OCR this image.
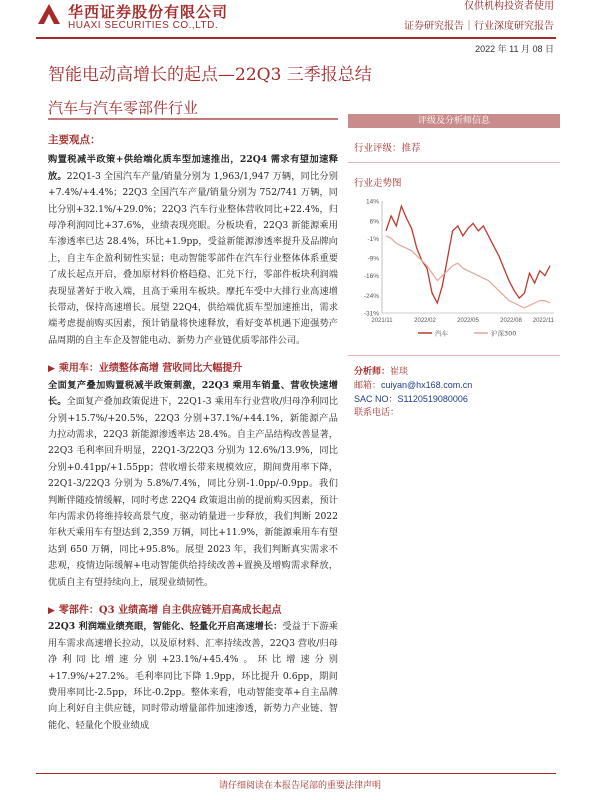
仅供机构投资者使用
华西证券股份有限公司
HUAXI SECURITIES CO.,LTD.	证券研究报告｜行业深度研究报告
2022 年 11 月 08 日
智能电动高增长的起点—22Q3 三季报总结
汽车与汽车零部件行业
主要观点：
购置税减半政策+供给端化质车型加速推出，22Q4 需求有望加速释放。22Q1-3 全国汽车产量/销量分别为 1,963/1,947 万辆，同比分别+7.4%/+4.4%；22Q3 全国汽车产量/销量分别为 752/741 万辆，同比分别+32.1%/+29.0%；22Q3 汽车行业整体营收同比+22.4%，归母净利润同比+37.6%，业绩表现亮眼。分板块看，22Q3 新能源乘用车渗透率已达 28.4%，环比+1.9pp，受益新能源渗透率提升及品牌向上，自主车企盈利韧性实显；电动智能零部件在汽车行业整体体系重要了成长起点开启，叠加原材料价格趋稳、汇兑下行，零部件板块利润端表现显著好于收入端，且高于乘用车板块。摩托车受中大排行业高速增长带动，保持高速增长。展望 22Q4，供给端优质车型加速推出，需求端考虑提前购买因素，预计销量将快速释放，看好变革机遇下迎强势产品周期的自主车企及智能电动、新势力产业链优质零部件公司。
▶ 乘用车：业绩整体高增 营收同比大幅提升
全面复产叠加购置税减半政策刺激，22Q3 乘用车销量、营收快速增长。全面复产叠加政策促进下，22Q1-3 乘用车行业营收/归母净利同比分别+15.7%/+20.5%，22Q3 分别+37.1%/+44.1%，新能源产品力拉动需求，22Q3 新能源渗透率达 28.4%。自主产品结构改善显著，22Q3 毛利率回升明显，22Q1-3/22Q3 分别为 12.6%/13.9%，同比分别+0.41pp/+1.55pp；营收增长带来规模效应，期间费用率下降，22Q1-3/22Q3 分别为 5.8%/7.4%，同比分别-1.0pp/-0.9pp。我们判断伴随疫情缓解，同时考虑 22Q4 政策退出前的提前购买因素，预计年内需求仍将维持较高景气度，驱动销量进一步释放，我们判断 2022 年秋天乘用车有望达到 2,359 万辆，同比+11.9%，新能源乘用车有望达到 650 万辆，同比+95.8%。展望 2023 年，我们判断真实需求不悲观，疫情边际缓解+电动智能供给持续改善+置换及增购需求释放，优质自主有望持续向上，展现业绩韧性。
▶ 零部件：Q3 业绩高增 自主供应链开启高成长起点
22Q3 利润端业绩亮眼，智能化、轻量化开启高速增长：受益于下游乘用车需求高速增长拉动，以及原材料、汇率持续改善，22Q3 营收/归母净利同比增速分别+23.1%/+45.4%。环比增速分别+17.9%/+27.2%。毛利率同比下降 1.9pp，环比提升 0.6pp，期间费用率同比-2.5pp，环比-0.2pp。整体来看，电动智能变革+自主品牌向上利好自主供应链，同时带动增量部件加速渗透，新势力产业链、智能化、轻量化个股业绩成
评级及分析师信息
行业评级：推荐
行业走势图
14%
6%
-1%
-9%
-16%
-24%
-31%
2021/11	2022/02	2022/05	2022/08 2022/11
汽车	沪深300
分析师：崔琰
邮箱：cuiyan@hx168.com.cn
SAC NO：S1120519080006
联系电话：
请仔细阅读在本报告尾部的重要法律声明
